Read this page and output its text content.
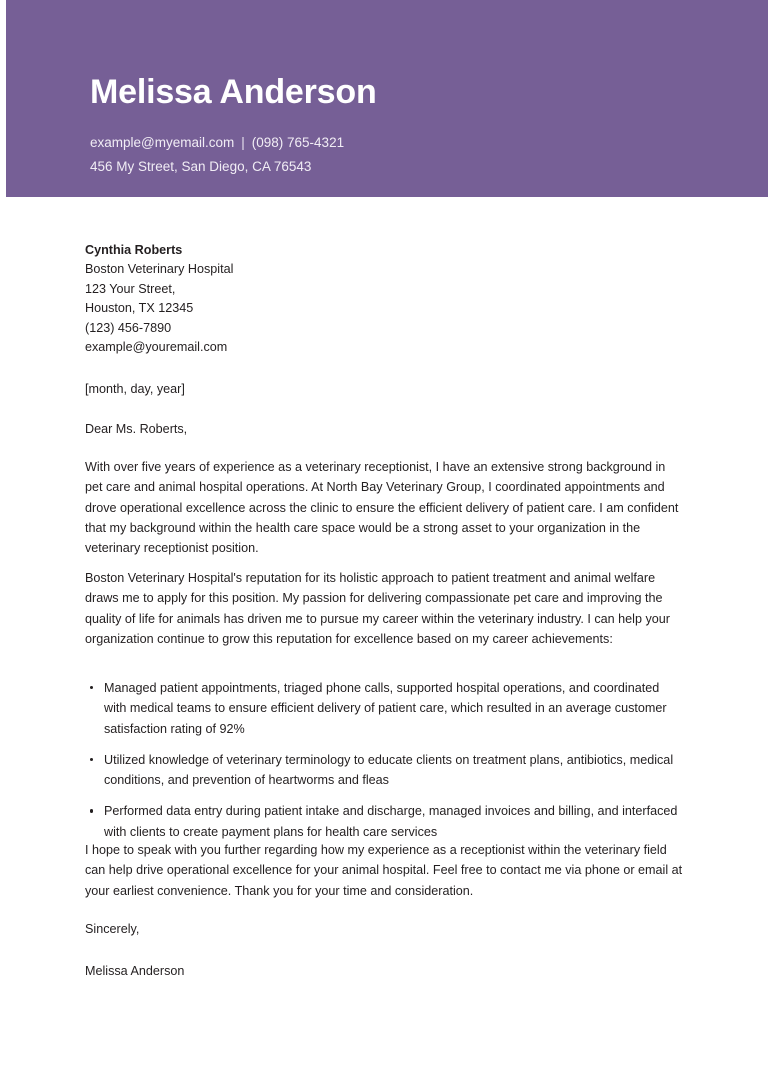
Melissa Anderson
example@myemail.com | (098) 765-4321
456 My Street, San Diego, CA 76543
Cynthia Roberts
Boston Veterinary Hospital
123 Your Street,
Houston, TX 12345
(123) 456-7890
example@youremail.com
[month, day, year]
Dear Ms. Roberts,

With over five years of experience as a veterinary receptionist, I have an extensive strong background in pet care and animal hospital operations. At North Bay Veterinary Group, I coordinated appointments and drove operational excellence across the clinic to ensure the efficient delivery of patient care. I am confident that my background within the health care space would be a strong asset to your organization in the veterinary receptionist position.

Boston Veterinary Hospital's reputation for its holistic approach to patient treatment and animal welfare draws me to apply for this position. My passion for delivering compassionate pet care and improving the quality of life for animals has driven me to pursue my career within the veterinary industry. I can help your organization continue to grow this reputation for excellence based on my career achievements:

Managed patient appointments, triaged phone calls, supported hospital operations, and coordinated with medical teams to ensure efficient delivery of patient care, which resulted in an average customer satisfaction rating of 92%
Utilized knowledge of veterinary terminology to educate clients on treatment plans, antibiotics, medical conditions, and prevention of heartworms and fleas
Performed data entry during patient intake and discharge, managed invoices and billing, and interfaced with clients to create payment plans for health care services

I hope to speak with you further regarding how my experience as a receptionist within the veterinary field can help drive operational excellence for your animal hospital. Feel free to contact me via phone or email at your earliest convenience. Thank you for your time and consideration.

Sincerely,
Melissa Anderson
